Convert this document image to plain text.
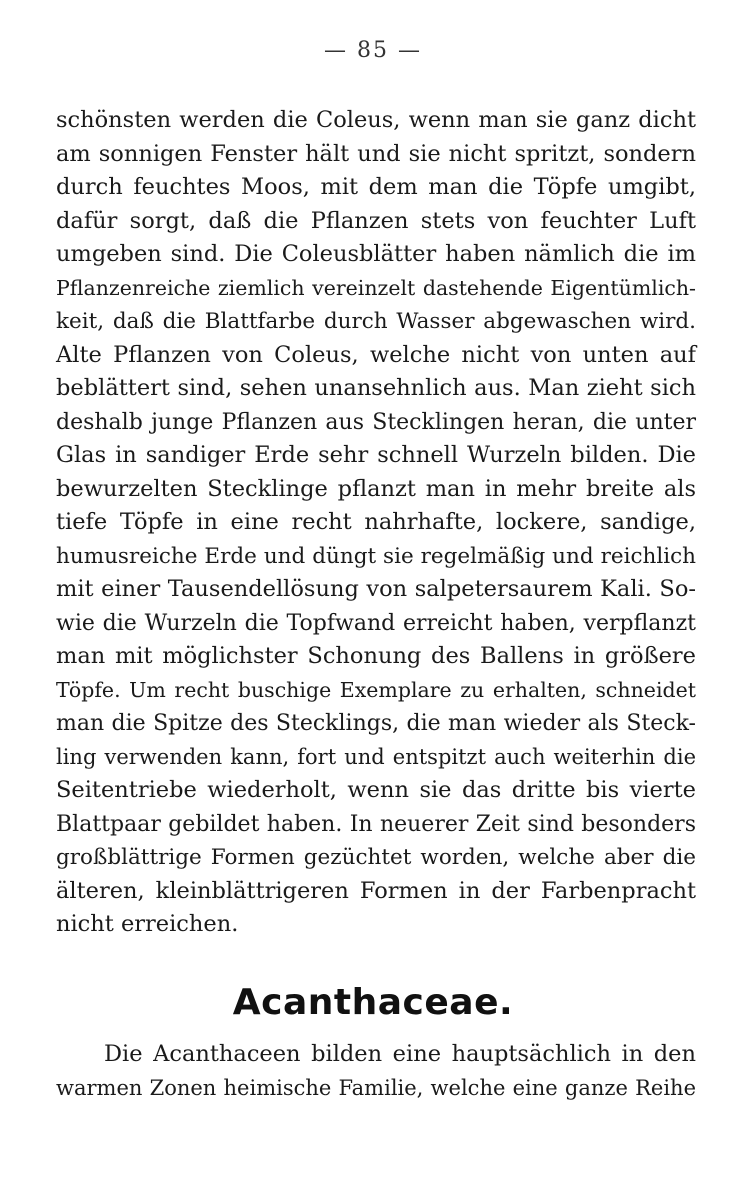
— 85 —
schönsten werden die Coleus, wenn man sie ganz dicht
am sonnigen Fenster hält und sie nicht spritzt, sondern
durch feuchtes Moos, mit dem man die Töpfe umgibt,
dafür sorgt, daß die Pflanzen stets von feuchter Luft
umgeben sind. Die Coleusblätter haben nämlich die im
Pflanzenreiche ziemlich vereinzelt dastehende Eigentümlich-
keit, daß die Blattfarbe durch Wasser abgewaschen wird.
Alte Pflanzen von Coleus, welche nicht von unten auf
beblättert sind, sehen unansehnlich aus. Man zieht sich
deshalb junge Pflanzen aus Stecklingen heran, die unter
Glas in sandiger Erde sehr schnell Wurzeln bilden. Die
bewurzelten Stecklinge pflanzt man in mehr breite als
tiefe Töpfe in eine recht nahrhafte, lockere, sandige,
humusreiche Erde und düngt sie regelmäßig und reichlich
mit einer Tausendellösung von salpetersaurem Kali. So-
wie die Wurzeln die Topfwand erreicht haben, verpflanzt
man mit möglichster Schonung des Ballens in größere
Töpfe. Um recht buschige Exemplare zu erhalten, schneidet
man die Spitze des Stecklings, die man wieder als Steck-
ling verwenden kann, fort und entspitzt auch weiterhin die
Seitentriebe wiederholt, wenn sie das dritte bis vierte
Blattpaar gebildet haben. In neuerer Zeit sind besonders
großblättrige Formen gezüchtet worden, welche aber die
älteren, kleinblättrigeren Formen in der Farbenpracht
nicht erreichen.
Acanthaceae.
Die Acanthaceen bilden eine hauptsächlich in den
warmen Zonen heimische Familie, welche eine ganze Reihe
